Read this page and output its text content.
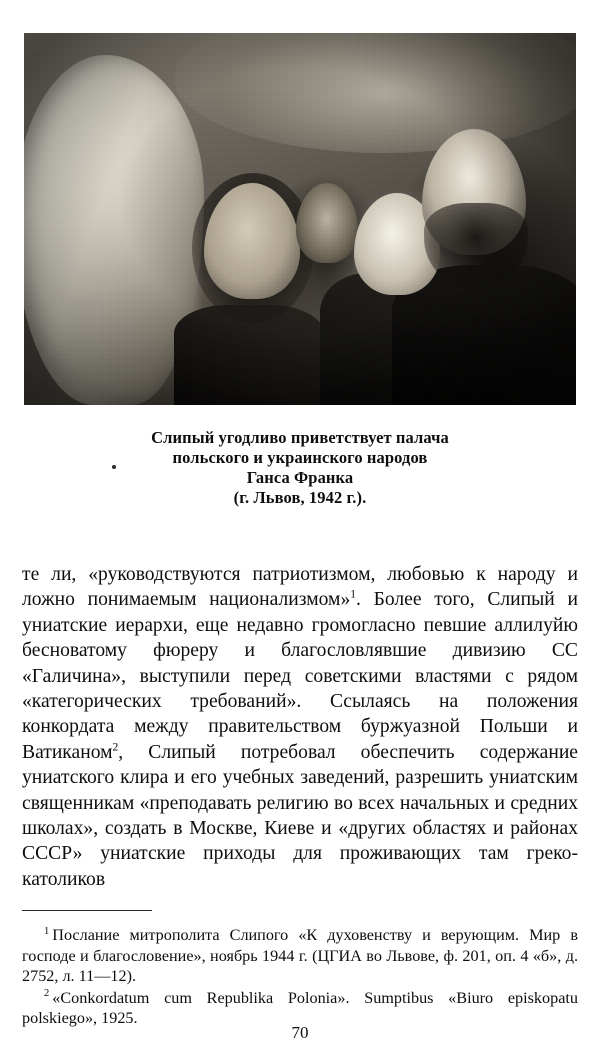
Слипый угодливо приветствует палача
польского и украинского народов
Ганса Франка
(г. Львов, 1942 г.).

те ли, «руководствуются патриотизмом, любовью к народу и ложно понимаемым национализмом»$^1$. Более того, Слипый и униатские иерархи, еще недавно громогласно певшие аллилуйю бесноватому фюреру и благословлявшие дивизию СС «Галичина», выступили перед советскими властями с рядом «категорических требований». Ссылаясь на положения конкордата между правительством буржуазной Польши и Ватиканом$^2$, Слипый потребовал обеспечить содержание униатского клира и его учебных заведений, разрешить униатским священникам «преподавать религию во всех начальных и средних школах», создать в Москве, Киеве и «других областях и районах СССР» униатские приходы для проживающих там греко-католиков

$^1$ Послание митрополита Слипого «К духовенству и верующим. Мир в господе и благословение», ноябрь 1944 г. (ЦГИА во Львове, ф. 201, оп. 4 «б», д. 2752, л. 11—12).

$^2$ «Conkordatum cum Republika Polonia». Sumptibus «Biuro episkopatu polskiego», 1925.

70
